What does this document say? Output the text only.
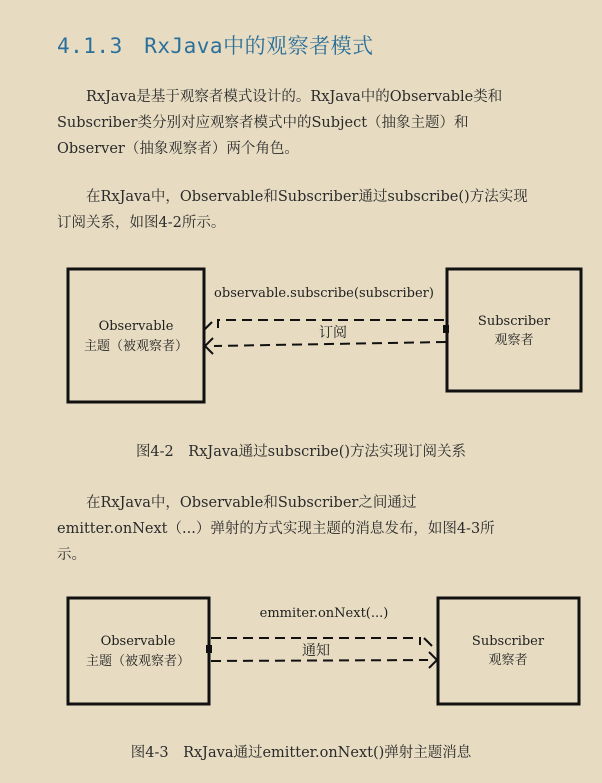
4.1.3　RxJava中的观察者模式
　　RxJava是基于观察者模式设计的。RxJava中的Observable类和
Subscriber类分别对应观察者模式中的Subject（抽象主题）和
Observer（抽象观察者）两个角色。
　　在RxJava中，Observable和Subscriber通过subscribe()方法实现
订阅关系，如图4-2所示。
Observable
主题（被观察者）
Subscriber
观察者
observable.subscribe(subscriber)
订阅
图4-2　RxJava通过subscribe()方法实现订阅关系
　　在RxJava中，Observable和Subscriber之间通过
emitter.onNext（...）弹射的方式实现主题的消息发布，如图4-3所
示。
Observable
主题（被观察者）
Subscriber
观察者
emmiter.onNext(...)
通知
图4-3　RxJava通过emitter.onNext()弹射主题消息
